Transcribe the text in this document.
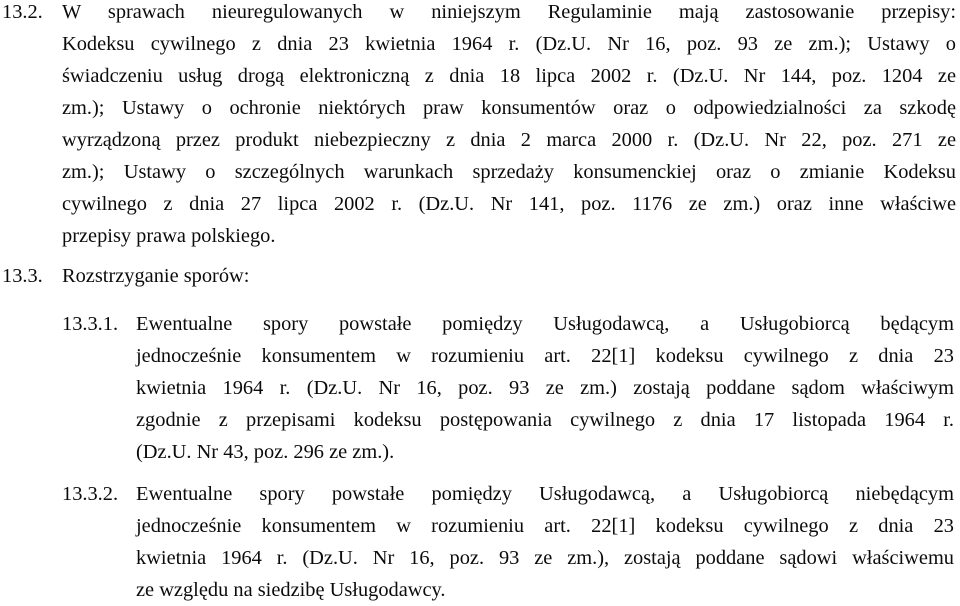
13.2. W sprawach nieuregulowanych w niniejszym Regulaminie mają zastosowanie przepisy:
Kodeksu cywilnego z dnia 23 kwietnia 1964 r. (Dz.U. Nr 16, poz. 93 ze zm.); Ustawy o
świadczeniu usług drogą elektroniczną z dnia 18 lipca 2002 r. (Dz.U. Nr 144, poz. 1204 ze
zm.); Ustawy o ochronie niektórych praw konsumentów oraz o odpowiedzialności za szkodę
wyrządzoną przez produkt niebezpieczny z dnia 2 marca 2000 r. (Dz.U. Nr 22, poz. 271 ze
zm.); Ustawy o szczególnych warunkach sprzedaży konsumenckiej oraz o zmianie Kodeksu
cywilnego z dnia 27 lipca 2002 r. (Dz.U. Nr 141, poz. 1176 ze zm.) oraz inne właściwe
przepisy prawa polskiego.
13.3. Rozstrzyganie sporów:
13.3.1. Ewentualne spory powstałe pomiędzy Usługodawcą, a Usługobiorcą będącym
jednocześnie konsumentem w rozumieniu art. 22[1] kodeksu cywilnego z dnia 23
kwietnia 1964 r. (Dz.U. Nr 16, poz. 93 ze zm.) zostają poddane sądom właściwym
zgodnie z przepisami kodeksu postępowania cywilnego z dnia 17 listopada 1964 r.
(Dz.U. Nr 43, poz. 296 ze zm.).
13.3.2. Ewentualne spory powstałe pomiędzy Usługodawcą, a Usługobiorcą niebędącym
jednocześnie konsumentem w rozumieniu art. 22[1] kodeksu cywilnego z dnia 23
kwietnia 1964 r. (Dz.U. Nr 16, poz. 93 ze zm.), zostają poddane sądowi właściwemu
ze względu na siedzibę Usługodawcy.
